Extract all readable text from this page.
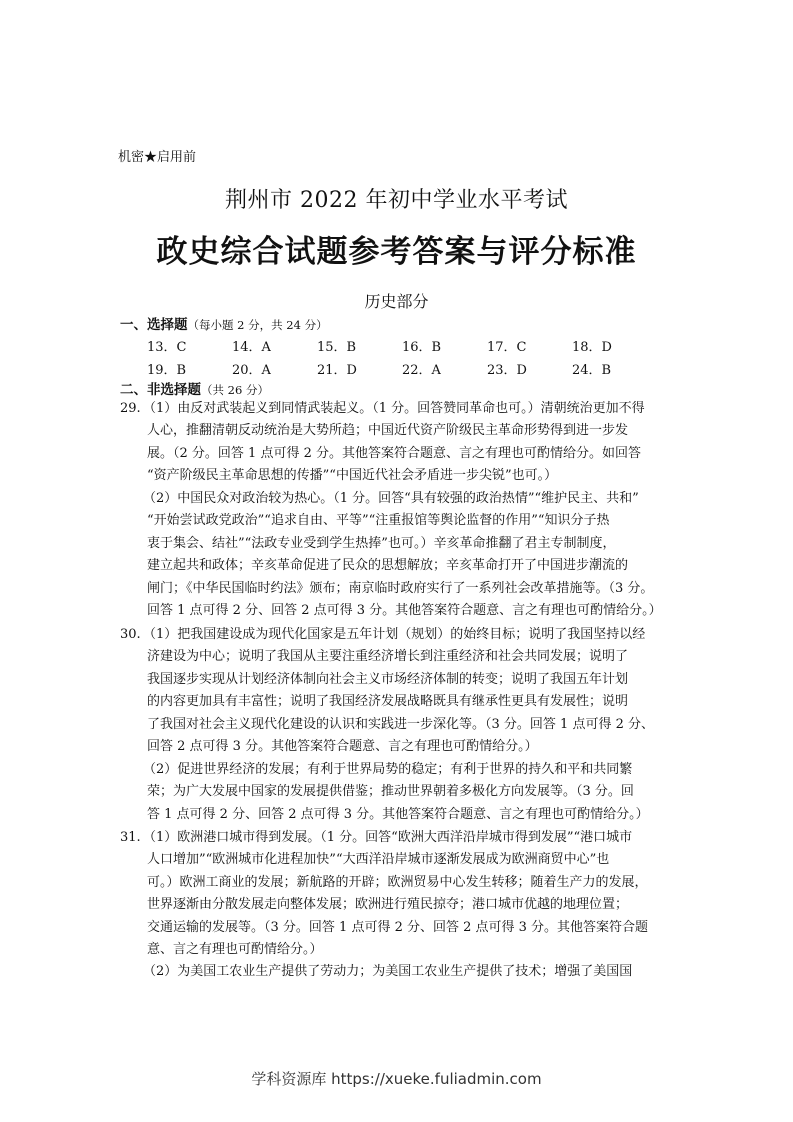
机密★启用前
荆州市 2022 年初中学业水平考试
政史综合试题参考答案与评分标准
历史部分
一、选择题（每小题 2 分，共 24 分）
13．C	14．A	15．B	16．B	17．C	18．D
19．B	20．A	21．D	22．A	23．D	24．B
二、非选择题（共 26 分）
29. （1）由反对武装起义到同情武装起义。（1 分。回答赞同革命也可。）清朝统治更加不得
人心，推翻清朝反动统治是大势所趋；中国近代资产阶级民主革命形势得到进一步发
展。（2 分。回答 1 点可得 2 分。其他答案符合题意、言之有理也可酌情给分。如回答
“资产阶级民主革命思想的传播”“中国近代社会矛盾进一步尖锐”也可。）
（2）中国民众对政治较为热心。（1 分。回答“具有较强的政治热情”“维护民主、共和”
“开始尝试政党政治”“追求自由、平等”“注重报馆等舆论监督的作用”“知识分子热
衷于集会、结社”“法政专业受到学生热捧”也可。）辛亥革命推翻了君主专制制度，
建立起共和政体；辛亥革命促进了民众的思想解放；辛亥革命打开了中国进步潮流的
闸门；《中华民国临时约法》颁布；南京临时政府实行了一系列社会改革措施等。（3 分。
回答 1 点可得 2 分、回答 2 点可得 3 分。其他答案符合题意、言之有理也可酌情给分。）
30. （1）把我国建设成为现代化国家是五年计划（规划）的始终目标；说明了我国坚持以经
济建设为中心；说明了我国从主要注重经济增长到注重经济和社会共同发展；说明了
我国逐步实现从计划经济体制向社会主义市场经济体制的转变；说明了我国五年计划
的内容更加具有丰富性；说明了我国经济发展战略既具有继承性更具有发展性；说明
了我国对社会主义现代化建设的认识和实践进一步深化等。（3 分。回答 1 点可得 2 分、
回答 2 点可得 3 分。其他答案符合题意、言之有理也可酌情给分。）
（2）促进世界经济的发展；有利于世界局势的稳定；有利于世界的持久和平和共同繁
荣；为广大发展中国家的发展提供借鉴；推动世界朝着多极化方向发展等。（3 分。回
答 1 点可得 2 分、回答 2 点可得 3 分。其他答案符合题意、言之有理也可酌情给分。）
31. （1）欧洲港口城市得到发展。（1 分。回答“欧洲大西洋沿岸城市得到发展”“港口城市
人口增加”“欧洲城市化进程加快”“大西洋沿岸城市逐渐发展成为欧洲商贸中心”也
可。）欧洲工商业的发展；新航路的开辟；欧洲贸易中心发生转移；随着生产力的发展，
世界逐渐由分散发展走向整体发展；欧洲进行殖民掠夺；港口城市优越的地理位置；
交通运输的发展等。（3 分。回答 1 点可得 2 分、回答 2 点可得 3 分。其他答案符合题
意、言之有理也可酌情给分。）
（2）为美国工农业生产提供了劳动力；为美国工农业生产提供了技术；增强了美国国
学科资源库 https://xueke.fuliadmin.com
